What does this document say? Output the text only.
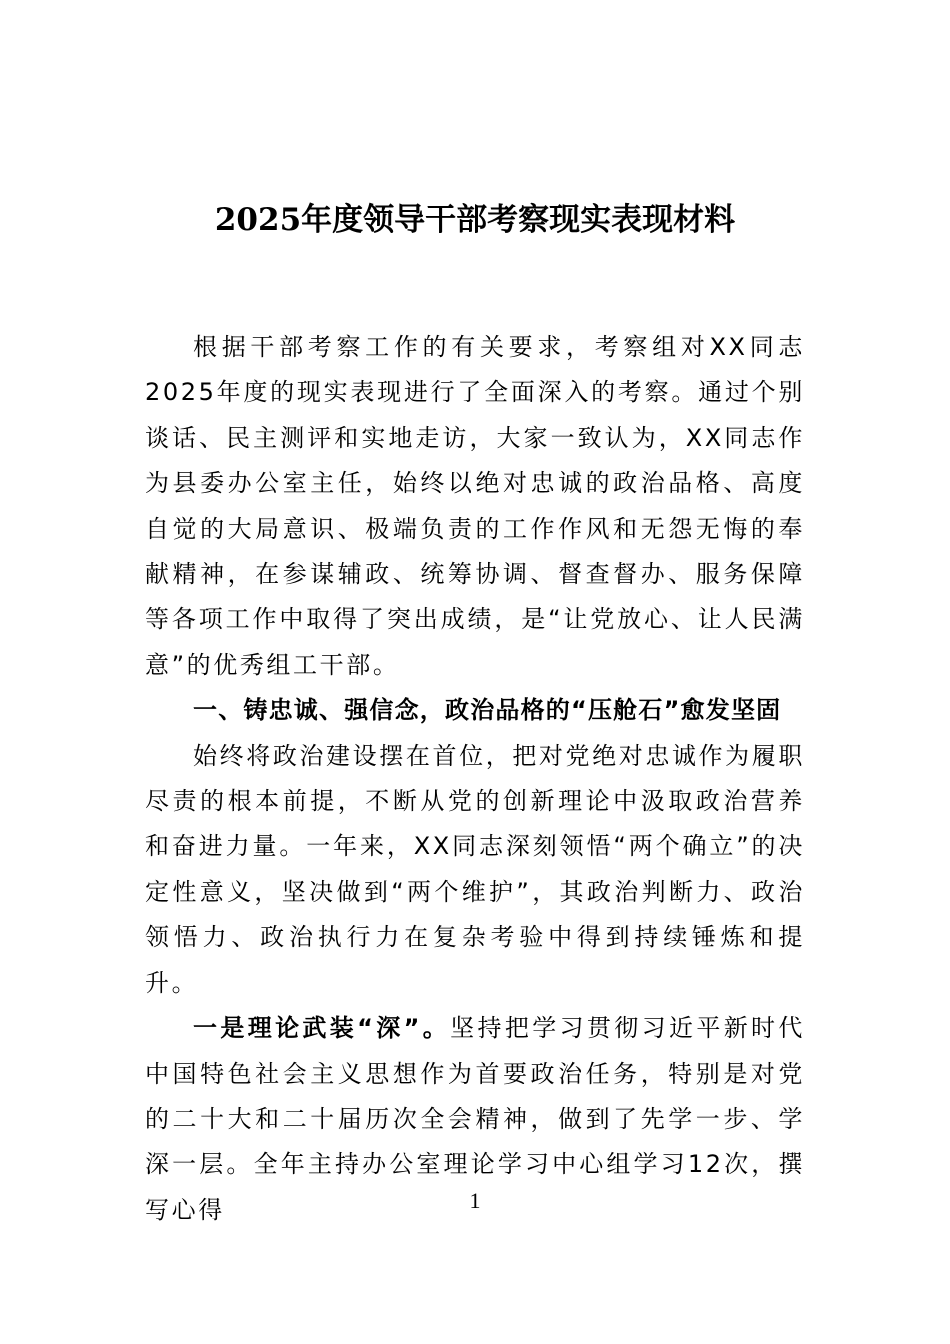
2025年度领导干部考察现实表现材料

根据干部考察工作的有关要求，考察组对XX同志2025年度的现实表现进行了全面深入的考察。通过个别谈话、民主测评和实地走访，大家一致认为，XX同志作为县委办公室主任，始终以绝对忠诚的政治品格、高度自觉的大局意识、极端负责的工作作风和无怨无悔的奉献精神，在参谋辅政、统筹协调、督查督办、服务保障等各项工作中取得了突出成绩，是“让党放心、让人民满意”的优秀组工干部。

一、铸忠诚、强信念，政治品格的“压舱石”愈发坚固

始终将政治建设摆在首位，把对党绝对忠诚作为履职尽责的根本前提，不断从党的创新理论中汲取政治营养和奋进力量。一年来，XX同志深刻领悟“两个确立”的决定性意义，坚决做到“两个维护”，其政治判断力、政治领悟力、政治执行力在复杂考验中得到持续锤炼和提升。

一是理论武装“深”。坚持把学习贯彻习近平新时代中国特色社会主义思想作为首要政治任务，特别是对党的二十大和二十届历次全会精神，做到了先学一步、学深一层。全年主持办公室理论学习中心组学习12次，撰写心得	1
